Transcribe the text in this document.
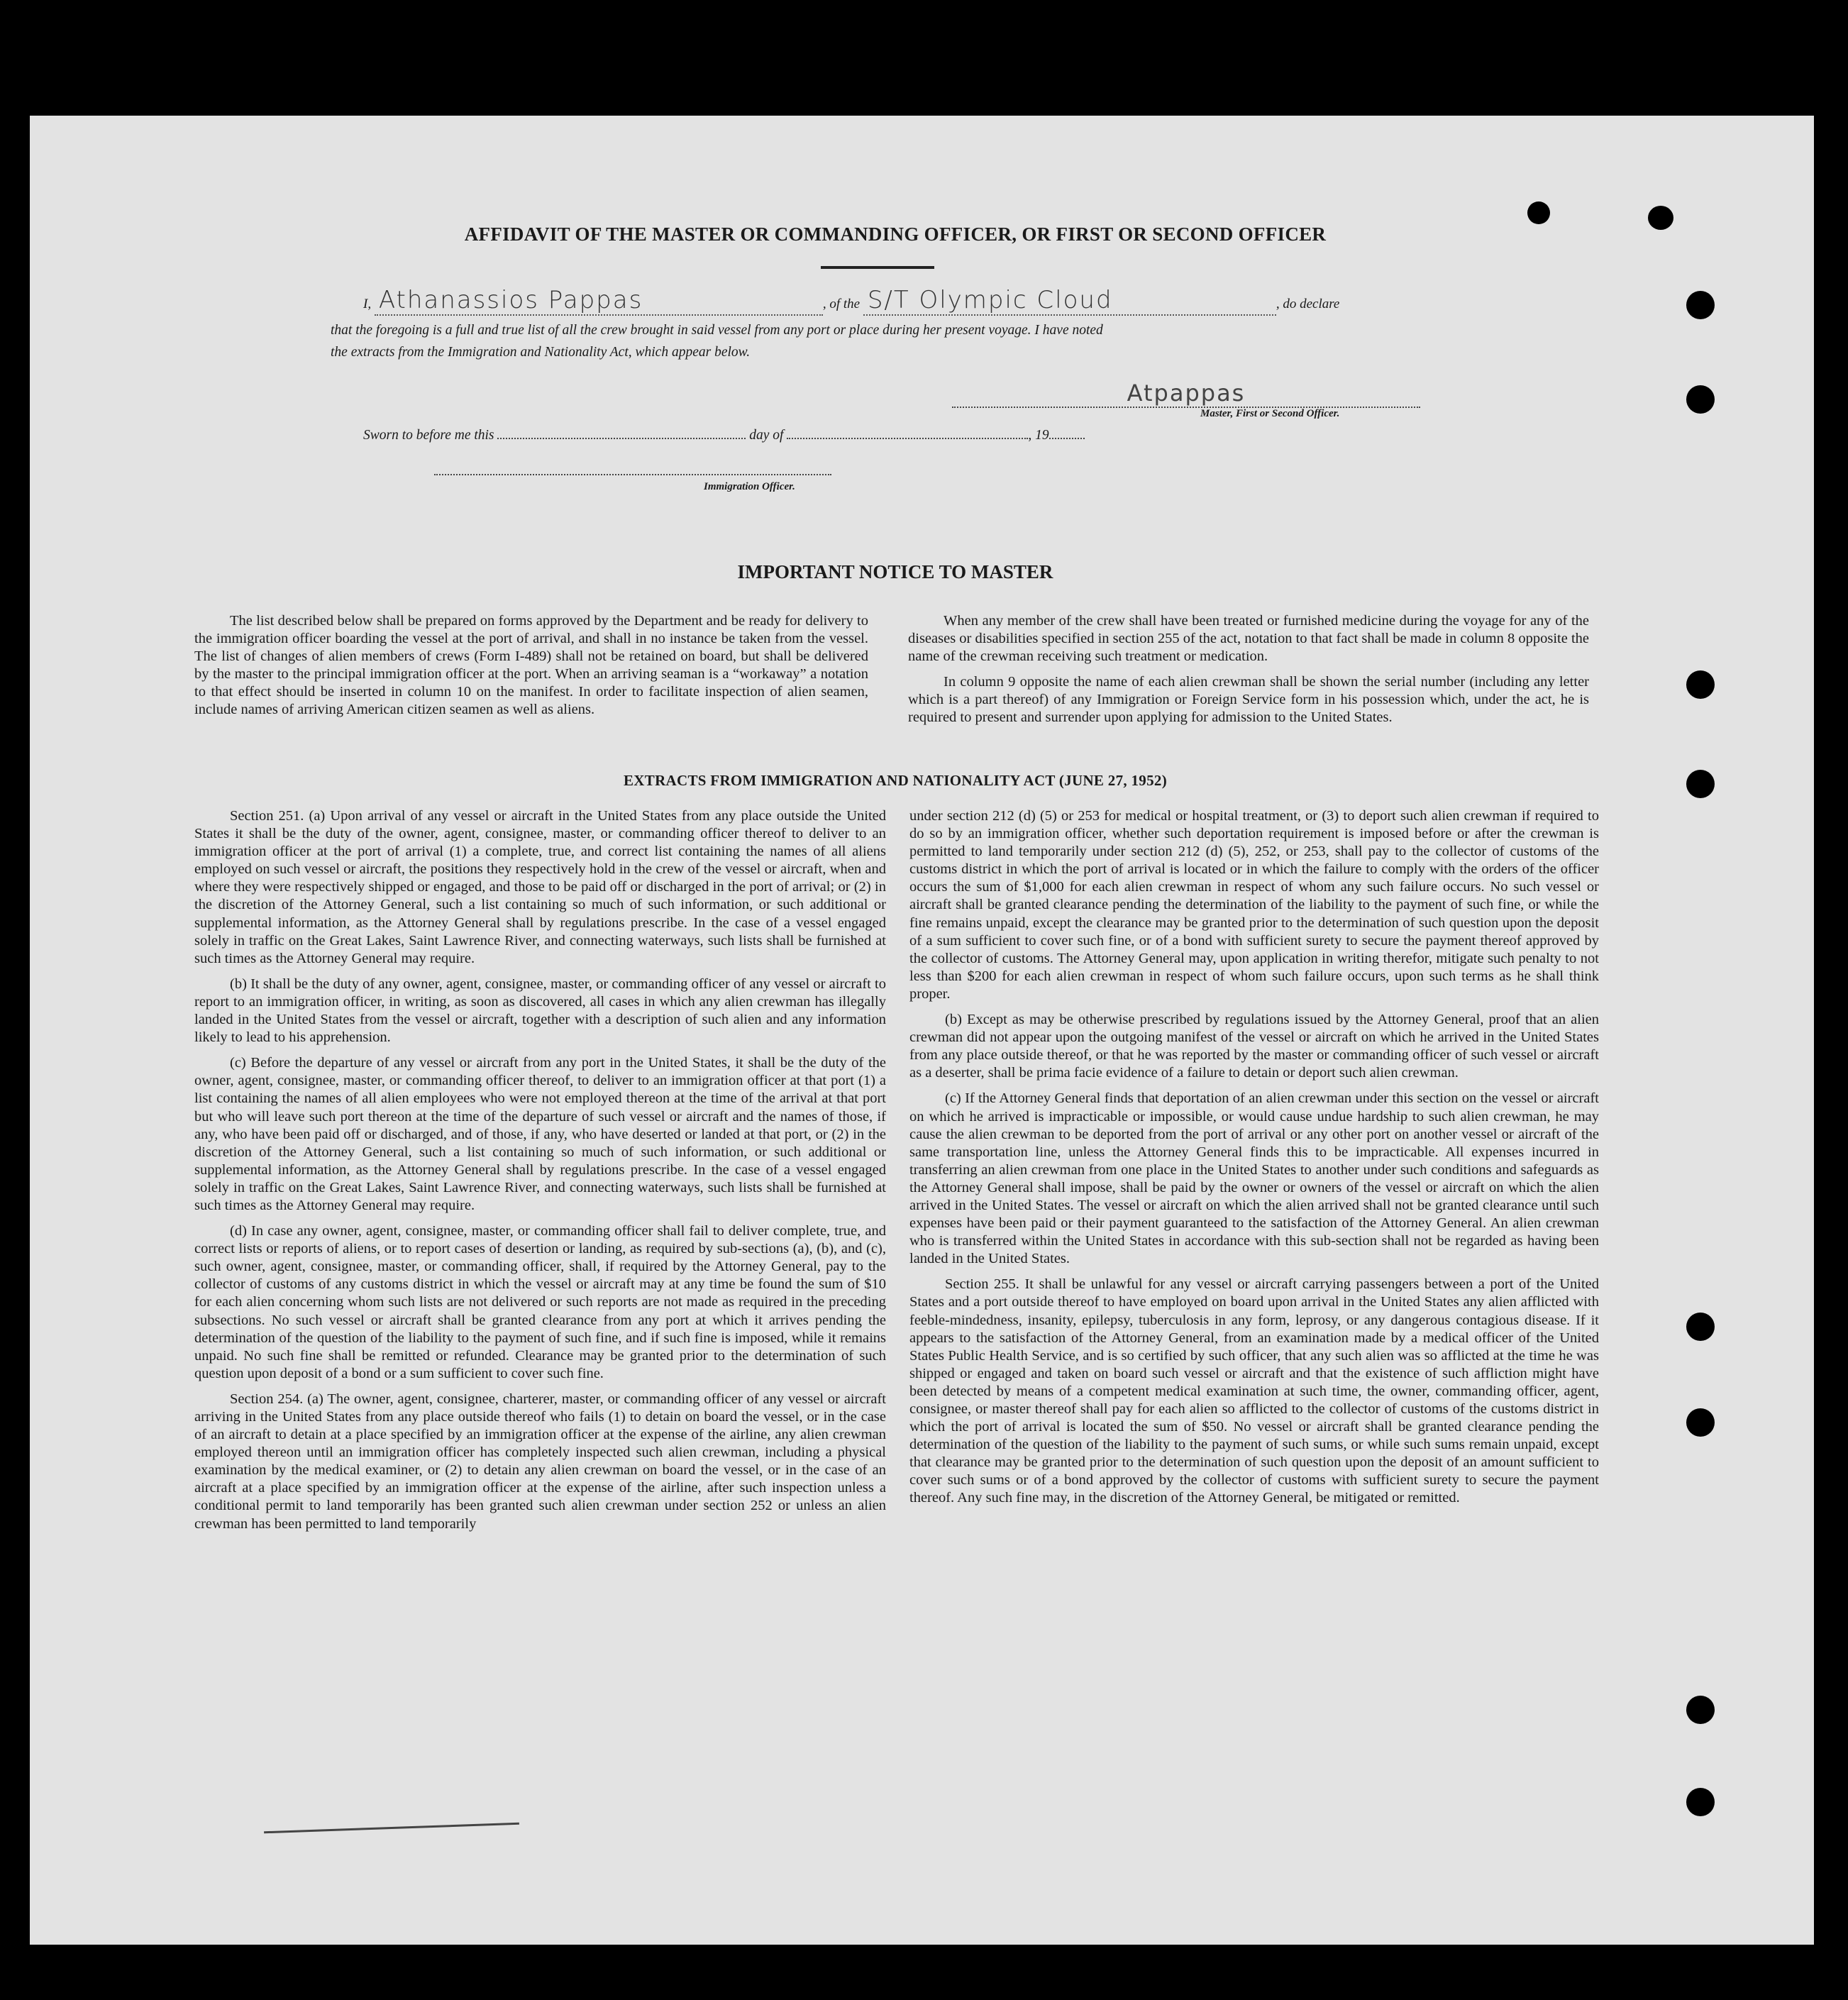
AFFIDAVIT OF THE MASTER OR COMMANDING OFFICER, OR FIRST OR SECOND OFFICER
I, Athanassios Pappas	, of the S/T Olympic Cloud	, do declare
that the foregoing is a full and true list of all the crew brought in said vessel from any port or place during her present voyage. I have noted
the extracts from the Immigration and Nationality Act, which appear below.
Atpappas
Master, First or Second Officer.
Sworn to before me this	day of	, 19
Immigration Officer.
IMPORTANT NOTICE TO MASTER

The list described below shall be prepared on forms approved by the Department and be ready for delivery to the immigration officer boarding the vessel at the port of arrival, and shall in no instance be taken from the vessel. The list of changes of alien members of crews (Form I-489) shall not be retained on board, but shall be delivered by the master to the principal immigration officer at the port. When an arriving seaman is a “workaway” a notation to that effect should be inserted in column 10 on the manifest. In order to facilitate inspection of alien seamen, include names of arriving American citizen seamen as well as aliens.

When any member of the crew shall have been treated or furnished medicine during the voyage for any of the diseases or disabilities specified in section 255 of the act, notation to that fact shall be made in column 8 opposite the name of the crewman receiving such treatment or medication.

In column 9 opposite the name of each alien crewman shall be shown the serial number (including any letter which is a part thereof) of any Immigration or Foreign Service form in his possession which, under the act, he is required to present and surrender upon applying for admission to the United States.

EXTRACTS FROM IMMIGRATION AND NATIONALITY ACT (JUNE 27, 1952)

Section 251. (a) Upon arrival of any vessel or aircraft in the United States from any place outside the United States it shall be the duty of the owner, agent, consignee, master, or commanding officer thereof to deliver to an immigration officer at the port of arrival (1) a complete, true, and correct list containing the names of all aliens employed on such vessel or aircraft, the positions they respectively hold in the crew of the vessel or aircraft, when and where they were respectively shipped or engaged, and those to be paid off or discharged in the port of arrival; or (2) in the discretion of the Attorney General, such a list containing so much of such information, or such additional or supplemental information, as the Attorney General shall by regulations prescribe. In the case of a vessel engaged solely in traffic on the Great Lakes, Saint Lawrence River, and connecting waterways, such lists shall be furnished at such times as the Attorney General may require.

(b) It shall be the duty of any owner, agent, consignee, master, or commanding officer of any vessel or aircraft to report to an immigration officer, in writing, as soon as discovered, all cases in which any alien crewman has illegally landed in the United States from the vessel or aircraft, together with a description of such alien and any information likely to lead to his apprehension.

(c) Before the departure of any vessel or aircraft from any port in the United States, it shall be the duty of the owner, agent, consignee, master, or commanding officer thereof, to deliver to an immigration officer at that port (1) a list containing the names of all alien employees who were not employed thereon at the time of the arrival at that port but who will leave such port thereon at the time of the departure of such vessel or aircraft and the names of those, if any, who have been paid off or discharged, and of those, if any, who have deserted or landed at that port, or (2) in the discretion of the Attorney General, such a list containing so much of such information, or such additional or supplemental information, as the Attorney General shall by regulations prescribe. In the case of a vessel engaged solely in traffic on the Great Lakes, Saint Lawrence River, and connecting waterways, such lists shall be furnished at such times as the Attorney General may require.

(d) In case any owner, agent, consignee, master, or commanding officer shall fail to deliver complete, true, and correct lists or reports of aliens, or to report cases of desertion or landing, as required by sub-sections (a), (b), and (c), such owner, agent, consignee, master, or commanding officer, shall, if required by the Attorney General, pay to the collector of customs of any customs district in which the vessel or aircraft may at any time be found the sum of $10 for each alien concerning whom such lists are not delivered or such reports are not made as required in the preceding subsections. No such vessel or aircraft shall be granted clearance from any port at which it arrives pending the determination of the question of the liability to the payment of such fine, and if such fine is imposed, while it remains unpaid. No such fine shall be remitted or refunded. Clearance may be granted prior to the determination of such question upon deposit of a bond or a sum sufficient to cover such fine.

Section 254. (a) The owner, agent, consignee, charterer, master, or commanding officer of any vessel or aircraft arriving in the United States from any place outside thereof who fails (1) to detain on board the vessel, or in the case of an aircraft to detain at a place specified by an immigration officer at the expense of the airline, any alien crewman employed thereon until an immigration officer has completely inspected such alien crewman, including a physical examination by the medical examiner, or (2) to detain any alien crewman on board the vessel, or in the case of an aircraft at a place specified by an immigration officer at the expense of the airline, after such inspection unless a conditional permit to land temporarily has been granted such alien crewman under section 252 or unless an alien crewman has been permitted to land temporarily

under section 212 (d) (5) or 253 for medical or hospital treatment, or (3) to deport such alien crewman if required to do so by an immigration officer, whether such deportation requirement is imposed before or after the crewman is permitted to land temporarily under section 212 (d) (5), 252, or 253, shall pay to the collector of customs of the customs district in which the port of arrival is located or in which the failure to comply with the orders of the officer occurs the sum of $1,000 for each alien crewman in respect of whom any such failure occurs. No such vessel or aircraft shall be granted clearance pending the determination of the liability to the payment of such fine, or while the fine remains unpaid, except the clearance may be granted prior to the determination of such question upon the deposit of a sum sufficient to cover such fine, or of a bond with sufficient surety to secure the payment thereof approved by the collector of customs. The Attorney General may, upon application in writing therefor, mitigate such penalty to not less than $200 for each alien crewman in respect of whom such failure occurs, upon such terms as he shall think proper.

(b) Except as may be otherwise prescribed by regulations issued by the Attorney General, proof that an alien crewman did not appear upon the outgoing manifest of the vessel or aircraft on which he arrived in the United States from any place outside thereof, or that he was reported by the master or commanding officer of such vessel or aircraft as a deserter, shall be prima facie evidence of a failure to detain or deport such alien crewman.

(c) If the Attorney General finds that deportation of an alien crewman under this section on the vessel or aircraft on which he arrived is impracticable or impossible, or would cause undue hardship to such alien crewman, he may cause the alien crewman to be deported from the port of arrival or any other port on another vessel or aircraft of the same transportation line, unless the Attorney General finds this to be impracticable. All expenses incurred in transferring an alien crewman from one place in the United States to another under such conditions and safeguards as the Attorney General shall impose, shall be paid by the owner or owners of the vessel or aircraft on which the alien arrived in the United States. The vessel or aircraft on which the alien arrived shall not be granted clearance until such expenses have been paid or their payment guaranteed to the satisfaction of the Attorney General. An alien crewman who is transferred within the United States in accordance with this sub-section shall not be regarded as having been landed in the United States.

Section 255. It shall be unlawful for any vessel or aircraft carrying passengers between a port of the United States and a port outside thereof to have employed on board upon arrival in the United States any alien afflicted with feeble-mindedness, insanity, epilepsy, tuberculosis in any form, leprosy, or any dangerous contagious disease. If it appears to the satisfaction of the Attorney General, from an examination made by a medical officer of the United States Public Health Service, and is so certified by such officer, that any such alien was so afflicted at the time he was shipped or engaged and taken on board such vessel or aircraft and that the existence of such affliction might have been detected by means of a competent medical examination at such time, the owner, commanding officer, agent, consignee, or master thereof shall pay for each alien so afflicted to the collector of customs of the customs district in which the port of arrival is located the sum of $50. No vessel or aircraft shall be granted clearance pending the determination of the question of the liability to the payment of such sums, or while such sums remain unpaid, except that clearance may be granted prior to the determination of such question upon the deposit of an amount sufficient to cover such sums or of a bond approved by the collector of customs with sufficient surety to secure the payment thereof. Any such fine may, in the discretion of the Attorney General, be mitigated or remitted.
